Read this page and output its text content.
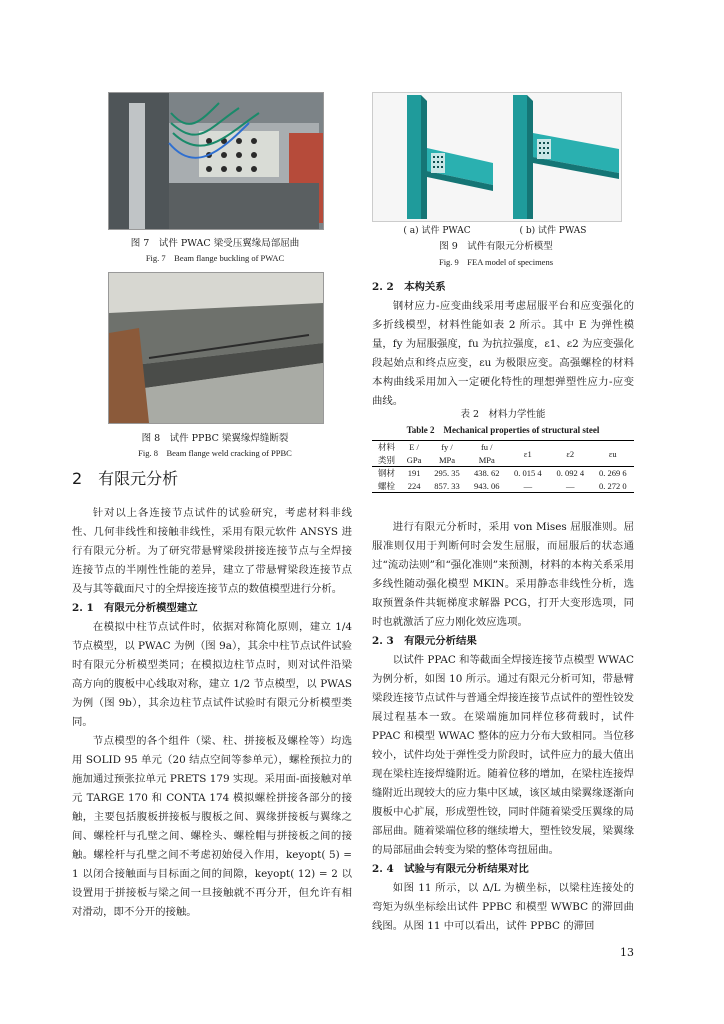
图 7　试件 PWAC 梁受压翼缘局部屈曲
Fig. 7　Beam flange buckling of PWAC
图 8　试件 PPBC 梁翼缘焊缝断裂
Fig. 8　Beam flange weld cracking of PPBC
( a) 试件 PWAC	( b) 试件 PWAS
图 9　试件有限元分析模型
Fig. 9　FEA model of specimens
2　有限元分析

针对以上各连接节点试件的试验研究，考虑材料非线性、几何非线性和接触非线性，采用有限元软件 ANSYS 进行有限元分析。为了研究带悬臂梁段拼接连接节点与全焊接连接节点的半刚性性能的差异，建立了带悬臂梁段连接节点及与其等截面尺寸的全焊接连接节点的数值模型进行分析。

2. 1　有限元分析模型建立

在模拟中柱节点试件时，依据对称简化原则，建立 1/4 节点模型，以 PWAC 为例（图 9a），其余中柱节点试件试验时有限元分析模型类同；在模拟边柱节点时，则对试件沿梁高方向的腹板中心线取对称，建立 1/2 节点模型，以 PWAS 为例（图 9b），其余边柱节点试件试验时有限元分析模型类同。

节点模型的各个组件（梁、柱、拼接板及螺栓等）均选用 SOLID 95 单元（20 结点空间等参单元），螺栓预拉力的施加通过预张拉单元 PRETS 179 实现。采用面-面接触对单元 TARGE 170 和 CONTA 174 模拟螺栓拼接各部分的接触，主要包括腹板拼接板与腹板之间、翼缘拼接板与翼缘之间、螺栓杆与孔壁之间、螺栓头、螺栓帽与拼接板之间的接触。螺栓杆与孔壁之间不考虑初始侵入作用，keyopt( 5) = 1 以闭合接触面与目标面之间的间隙，keyopt( 12) = 2 以设置用于拼接板与梁之间一旦接触就不再分开，但允许有相对滑动，即不分开的接触。

2. 2　本构关系

钢材应力-应变曲线采用考虑屈服平台和应变强化的多折线模型，材料性能如表 2 所示。其中 E 为弹性模量，fy 为屈服强度，fu 为抗拉强度，ε1、ε2 为应变强化段起始点和终点应变，εu 为极限应变。高强螺栓的材料本构曲线采用加入一定硬化特性的理想弹塑性应力-应变曲线。

表 2　材料力学性能
Table 2　Mechanical properties of structural steel
材料	E /	fy /	fu /	ε1	ε2	εu
类别	GPa	MPa	MPa			
钢材	191	295. 35	438. 62	0. 015 4	0. 092 4	0. 269 6
螺栓	224	857. 33	943. 06	—	—	0. 272 0

进行有限元分析时，采用 von Mises 屈服准则。屈服准则仅用于判断何时会发生屈服，而屈服后的状态通过“流动法则”和“强化准则”来预测，材料的本构关系采用多线性随动强化模型 MKIN。采用静态非线性分析，选取预置条件共轭梯度求解器 PCG，打开大变形选项，同时也就激活了应力刚化效应选项。

2. 3　有限元分析结果

以试件 PPAC 和等截面全焊接连接节点模型 WWAC 为例分析，如图 10 所示。通过有限元分析可知，带悬臂梁段连接节点试件与普通全焊接连接节点试件的塑性铰发展过程基本一致。在梁端施加同样位移荷载时，试件 PPAC 和模型 WWAC 整体的应力分布大致相同。当位移较小，试件均处于弹性受力阶段时，试件应力的最大值出现在梁柱连接焊缝附近。随着位移的增加，在梁柱连接焊缝附近出现较大的应力集中区域，该区域由梁翼缘逐渐向腹板中心扩展，形成塑性铰，同时伴随着梁受压翼缘的局部屈曲。随着梁端位移的继续增大，塑性铰发展，梁翼缘的局部屈曲会转变为梁的整体弯扭屈曲。

2. 4　试验与有限元分析结果对比

如图 11 所示，以 Δ/L 为横坐标，以梁柱连接处的弯矩为纵坐标绘出试件 PPBC 和模型 WWBC 的滞回曲线图。从图 11 中可以看出，试件 PPBC 的滞回

13
